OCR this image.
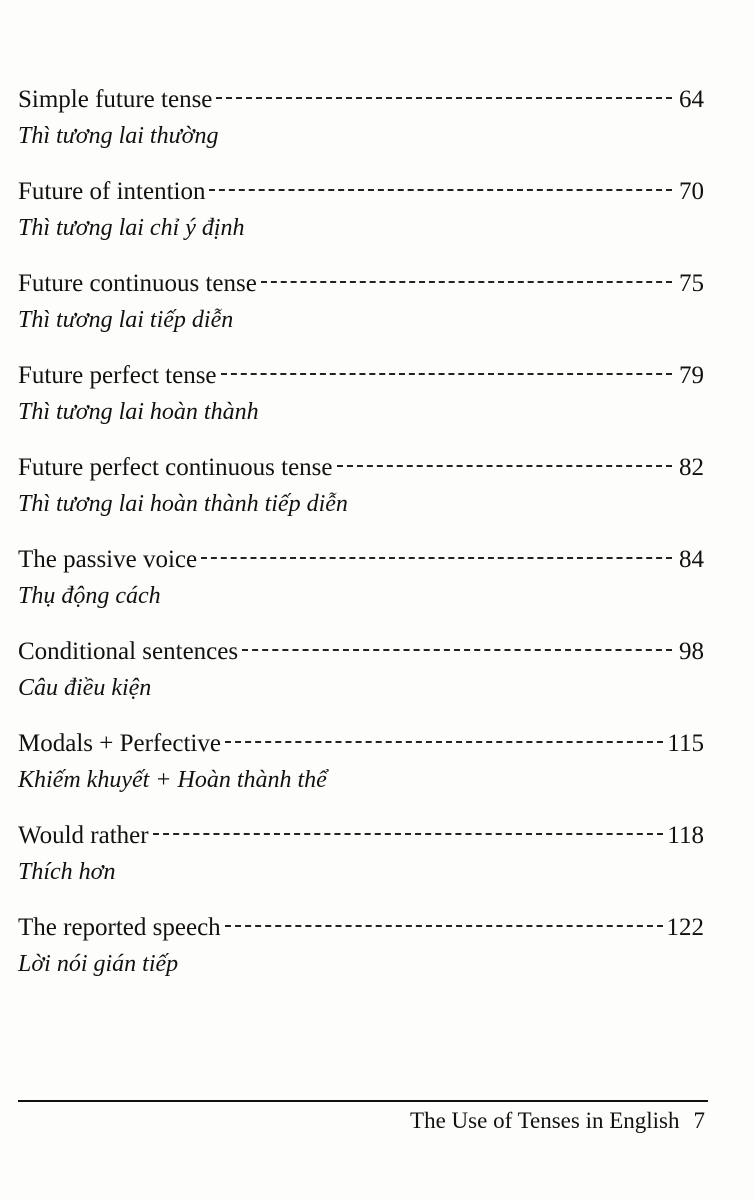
Simple future tense	64
Thì tương lai thường
Future of intention	70
Thì tương lai chỉ ý định
Future continuous tense	75
Thì tương lai tiếp diễn
Future perfect tense	79
Thì tương lai hoàn thành
Future perfect continuous tense	82
Thì tương lai hoàn thành tiếp diễn
The passive voice	84
Thụ động cách
Conditional sentences	98
Câu điều kiện
Modals + Perfective	115
Khiếm khuyết + Hoàn thành thể
Would rather	118
Thích hơn
The reported speech	122
Lời nói gián tiếp
The Use of Tenses in English 7
